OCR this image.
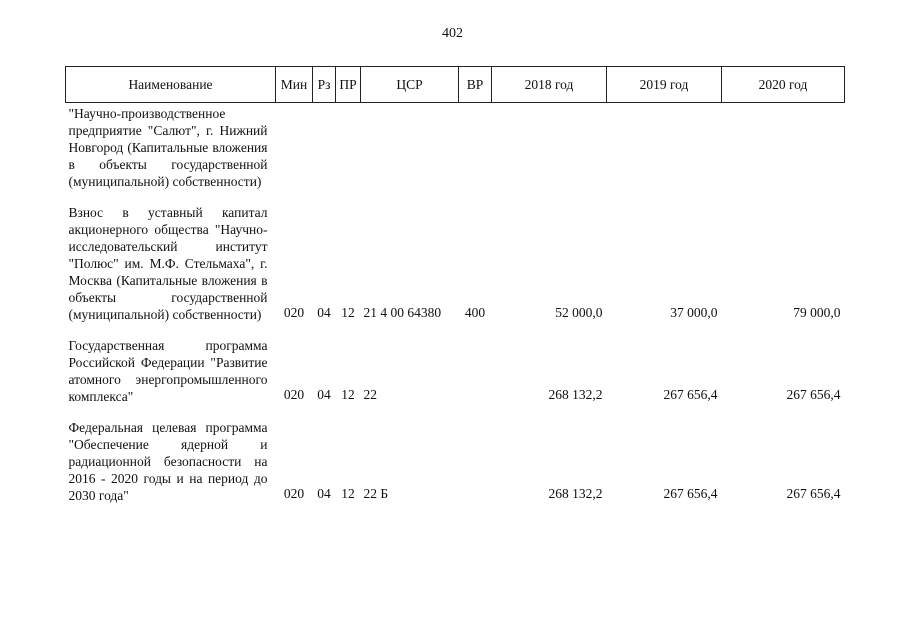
402
Наименование	Мин	Рз	ПР	ЦСР	ВР	2018 год	2019 год	2020 год
"Научно-производственное предприятие "Салют", г. Нижний Новгород (Капитальные вложения в объекты государственной (муниципальной) собственности)								

Взнос в уставный капитал акционерного общества "Научно-исследовательский институт "Полюс" им. М.Ф. Стельмаха", г. Москва (Капитальные вложения в объекты государственной (муниципальной) собственности)	020	04	12	21 4 00 64380	400	52 000,0	37 000,0	79 000,0

Государственная программа Российской Федерации "Развитие атомного энергопромышленного комплекса"	020	04	12	22		268 132,2	267 656,4	267 656,4

Федеральная целевая программа "Обеспечение ядерной и радиационной безопасности на 2016 - 2020 годы и на период до 2030 года"	020	04	12	22 Б		268 132,2	267 656,4	267 656,4
